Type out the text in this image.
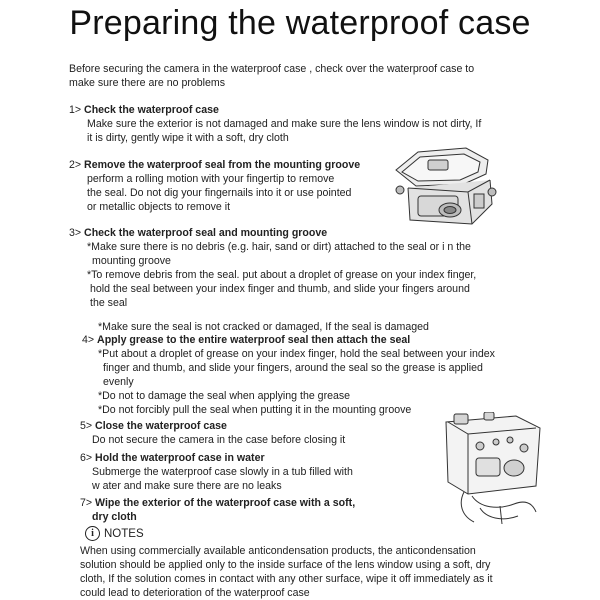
Preparing the waterproof case
Before securing the camera in the waterproof case , check over the waterproof case to
make sure there are no problems
1> Check the waterproof case
Make sure the exterior is not damaged and make sure the lens window is not dirty, If
it is dirty, gently wipe it with a soft, dry cloth
2> Remove the waterproof seal from the mounting groove
perform a rolling motion with your fingertip to remove
the seal. Do not dig your fingernails into it or use pointed
or metallic objects to remove it
3> Check the waterproof seal and mounting groove
*Make sure there is no debris (e.g. hair, sand or dirt) attached to the seal or i n the
mounting groove
*To remove debris from the seal. put about a droplet of grease on your index finger,
hold the seal between your index finger and thumb, and slide your fingers around
the seal
*Make sure the seal is not cracked or damaged, If the seal is damaged
4> Apply grease to the entire waterproof seal then attach the seal
*Put about a droplet of grease on your index finger, hold the seal between your index
finger and thumb, and slide your fingers, around the seal so the grease is applied
evenly
*Do not to damage the seal when applying the grease
*Do not forcibly pull the seal when putting it in the mounting groove
5> Close the waterproof case
Do not secure the camera in the case before closing it
6> Hold the waterproof case in water
Submerge the waterproof case slowly in a tub filled with
w ater and make sure there are no leaks
7> Wipe the exterior of the waterproof case with a soft,
dry cloth
i NOTES
When using commercially available anticondensation products, the anticondensation
solution should be applied only to the inside surface of the lens window using a soft, dry
cloth, If the solution comes in contact with any other surface, wipe it off immediately as it
could lead to deterioration of the waterproof case
